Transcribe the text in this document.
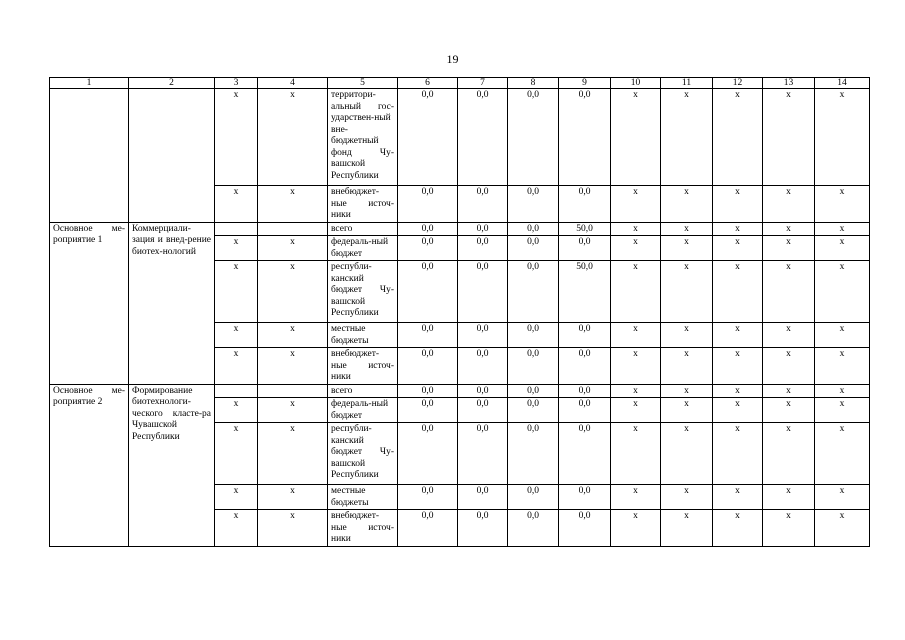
19
1	2	3	4	5	6	7	8	9	10	11	12	13	14
		x	x	территори-альный гос-ударствен-ный вне-бюджетный фонд Чу-вашской Республики	0,0	0,0	0,0	0,0	x	x	x	x	x
		x	x	внебюджет-ные источ-ники	0,0	0,0	0,0	0,0	x	x	x	x	x
Основное ме-роприятие 1	Коммерциали-зация и внед-рение биотех-нологий			всего	0,0	0,0	0,0	50,0	x	x	x	x	x
		x	x	федераль-ный бюджет	0,0	0,0	0,0	0,0	x	x	x	x	x
		x	x	республи-канский бюджет Чу-вашской Республики	0,0	0,0	0,0	50,0	x	x	x	x	x
		x	x	местные бюджеты	0,0	0,0	0,0	0,0	x	x	x	x	x
		x	x	внебюджет-ные источ-ники	0,0	0,0	0,0	0,0	x	x	x	x	x
Основное ме-роприятие 2	Формирование биотехнологи-ческого класте-ра Чувашской Республики			всего	0,0	0,0	0,0	0,0	x	x	x	x	x
		x	x	федераль-ный бюджет	0,0	0,0	0,0	0,0	x	x	x	x	x
		x	x	республи-канский бюджет Чу-вашской Республики	0,0	0,0	0,0	0,0	x	x	x	x	x
		x	x	местные бюджеты	0,0	0,0	0,0	0,0	x	x	x	x	x
		x	x	внебюджет-ные источ-ники	0,0	0,0	0,0	0,0	x	x	x	x	x
